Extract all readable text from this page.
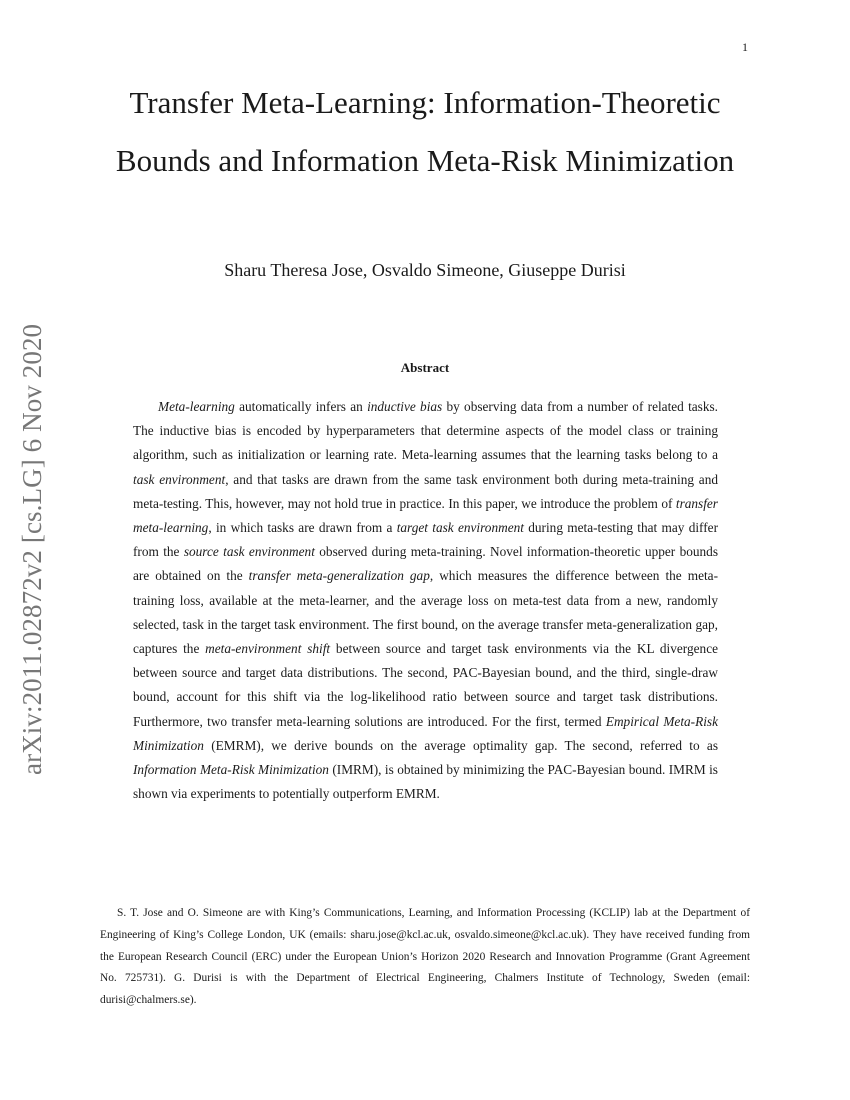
1
arXiv:2011.02872v2 [cs.LG] 6 Nov 2020
Transfer Meta-Learning: Information-Theoretic Bounds and Information Meta-Risk Minimization
Sharu Theresa Jose, Osvaldo Simeone, Giuseppe Durisi
Abstract

Meta-learning automatically infers an inductive bias by observing data from a number of related tasks. The inductive bias is encoded by hyperparameters that determine aspects of the model class or training algorithm, such as initialization or learning rate. Meta-learning assumes that the learning tasks belong to a task environment, and that tasks are drawn from the same task environment both during meta-training and meta-testing. This, however, may not hold true in practice. In this paper, we introduce the problem of transfer meta-learning, in which tasks are drawn from a target task environment during meta-testing that may differ from the source task environment observed during meta-training. Novel information-theoretic upper bounds are obtained on the transfer meta-generalization gap, which measures the difference between the meta-training loss, available at the meta-learner, and the average loss on meta-test data from a new, randomly selected, task in the target task environment. The first bound, on the average transfer meta-generalization gap, captures the meta-environment shift between source and target task environments via the KL divergence between source and target data distributions. The second, PAC-Bayesian bound, and the third, single-draw bound, account for this shift via the log-likelihood ratio between source and target task distributions. Furthermore, two transfer meta-learning solutions are introduced. For the first, termed Empirical Meta-Risk Minimization (EMRM), we derive bounds on the average optimality gap. The second, referred to as Information Meta-Risk Minimization (IMRM), is obtained by minimizing the PAC-Bayesian bound. IMRM is shown via experiments to potentially outperform EMRM.

S. T. Jose and O. Simeone are with King’s Communications, Learning, and Information Processing (KCLIP) lab at the Department of Engineering of King’s College London, UK (emails: sharu.jose@kcl.ac.uk, osvaldo.simeone@kcl.ac.uk). They have received funding from the European Research Council (ERC) under the European Union’s Horizon 2020 Research and Innovation Programme (Grant Agreement No. 725731). G. Durisi is with the Department of Electrical Engineering, Chalmers Institute of Technology, Sweden (email: durisi@chalmers.se).
